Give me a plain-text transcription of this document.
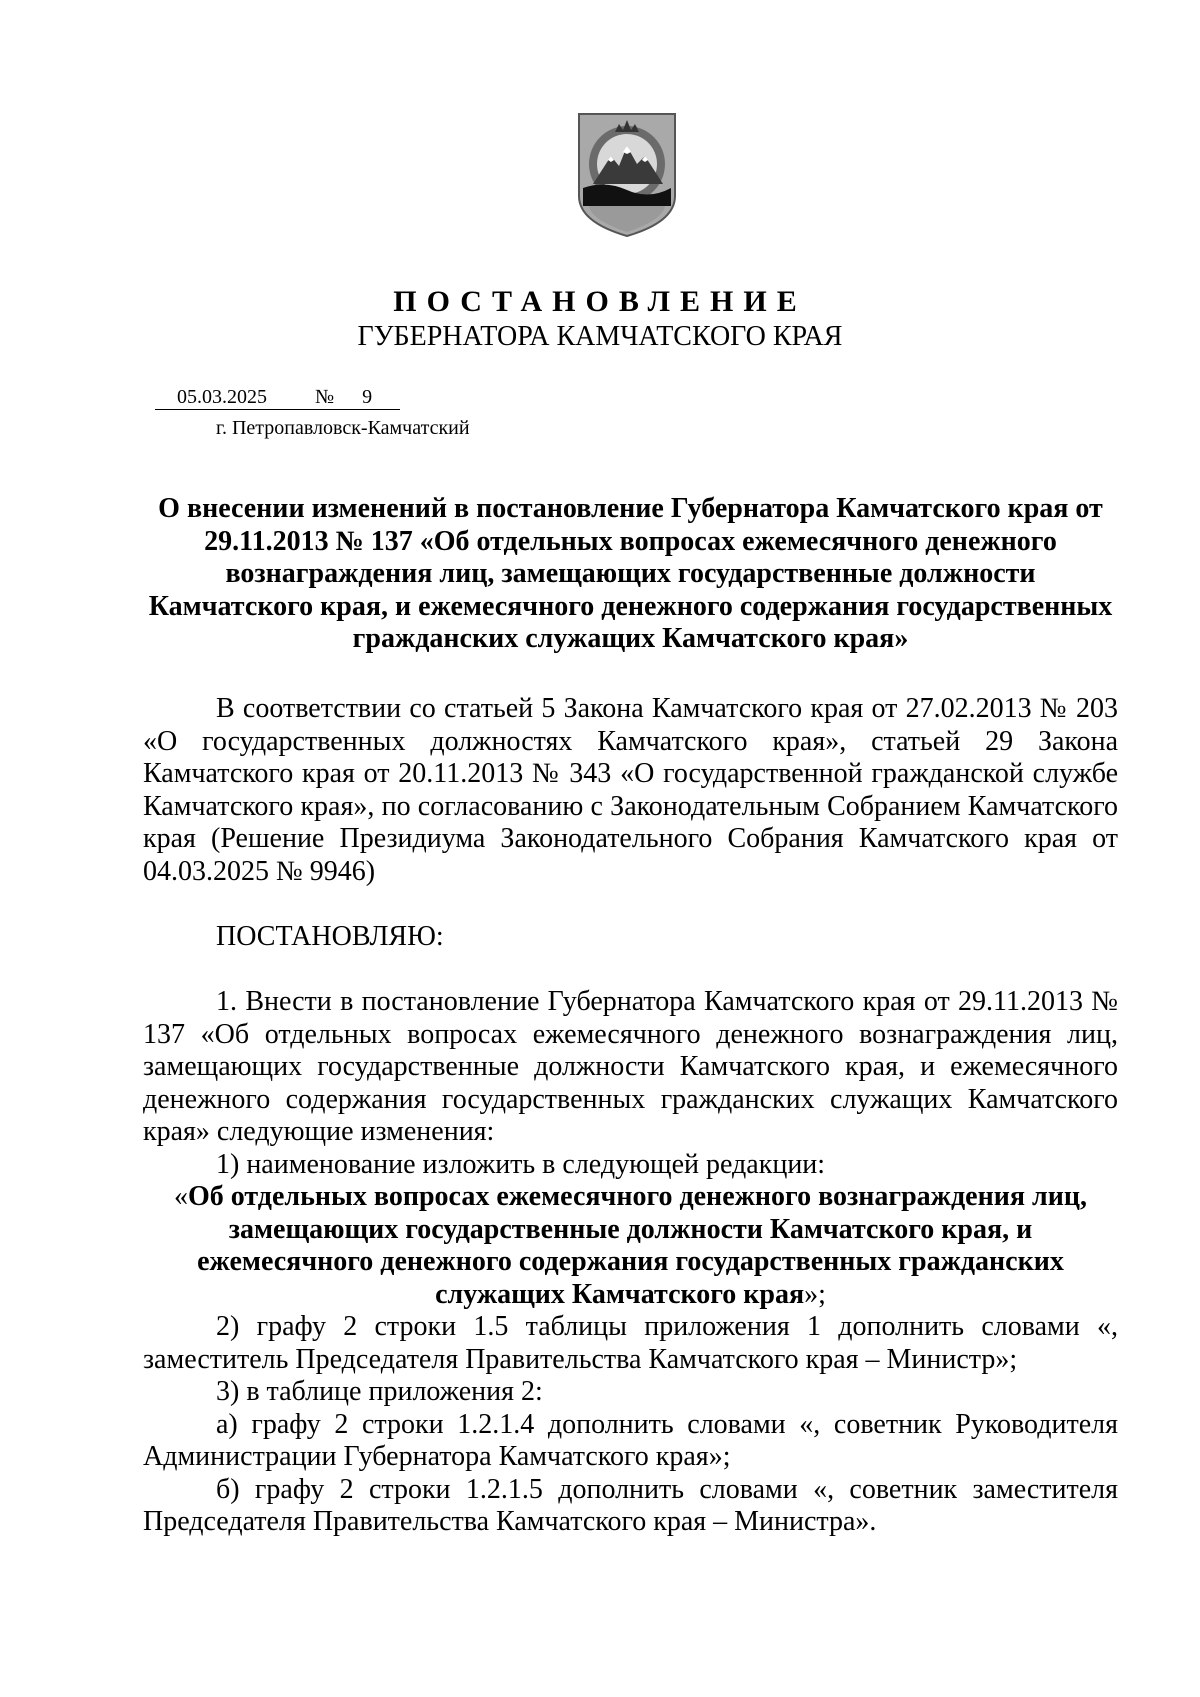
ПОСТАНОВЛЕНИЕ
ГУБЕРНАТОРА КАМЧАТСКОГО КРАЯ
05.03.2025 № 9
г. Петропавловск-Камчатский
О внесении изменений в постановление Губернатора Камчатского края от 29.11.2013 № 137 «Об отдельных вопросах ежемесячного денежного вознаграждения лиц, замещающих государственные должности Камчатского края, и ежемесячного денежного содержания государственных гражданских служащих Камчатского края»

В соответствии со статьей 5 Закона Камчатского края от 27.02.2013 № 203 «О государственных должностях Камчатского края», статьей 29 Закона Камчатского края от 20.11.2013 № 343 «О государственной гражданской службе Камчатского края», по согласованию с Законодательным Собранием Камчатского края (Решение Президиума Законодательного Собрания Камчатского края от 04.03.2025 № 9946)

ПОСТАНОВЛЯЮ:

1. Внести в постановление Губернатора Камчатского края от 29.11.2013 № 137 «Об отдельных вопросах ежемесячного денежного вознаграждения лиц, замещающих государственные должности Камчатского края, и ежемесячного денежного содержания государственных гражданских служащих Камчатского края» следующие изменения:

1) наименование изложить в следующей редакции:

«Об отдельных вопросах ежемесячного денежного вознаграждения лиц, замещающих государственные должности Камчатского края, и ежемесячного денежного содержания государственных гражданских служащих Камчатского края»;

2) графу 2 строки 1.5 таблицы приложения 1 дополнить словами «, заместитель Председателя Правительства Камчатского края – Министр»;

3) в таблице приложения 2:

а) графу 2 строки 1.2.1.4 дополнить словами «, советник Руководителя Администрации Губернатора Камчатского края»;

б) графу 2 строки 1.2.1.5 дополнить словами «, советник заместителя Председателя Правительства Камчатского края – Министра».
